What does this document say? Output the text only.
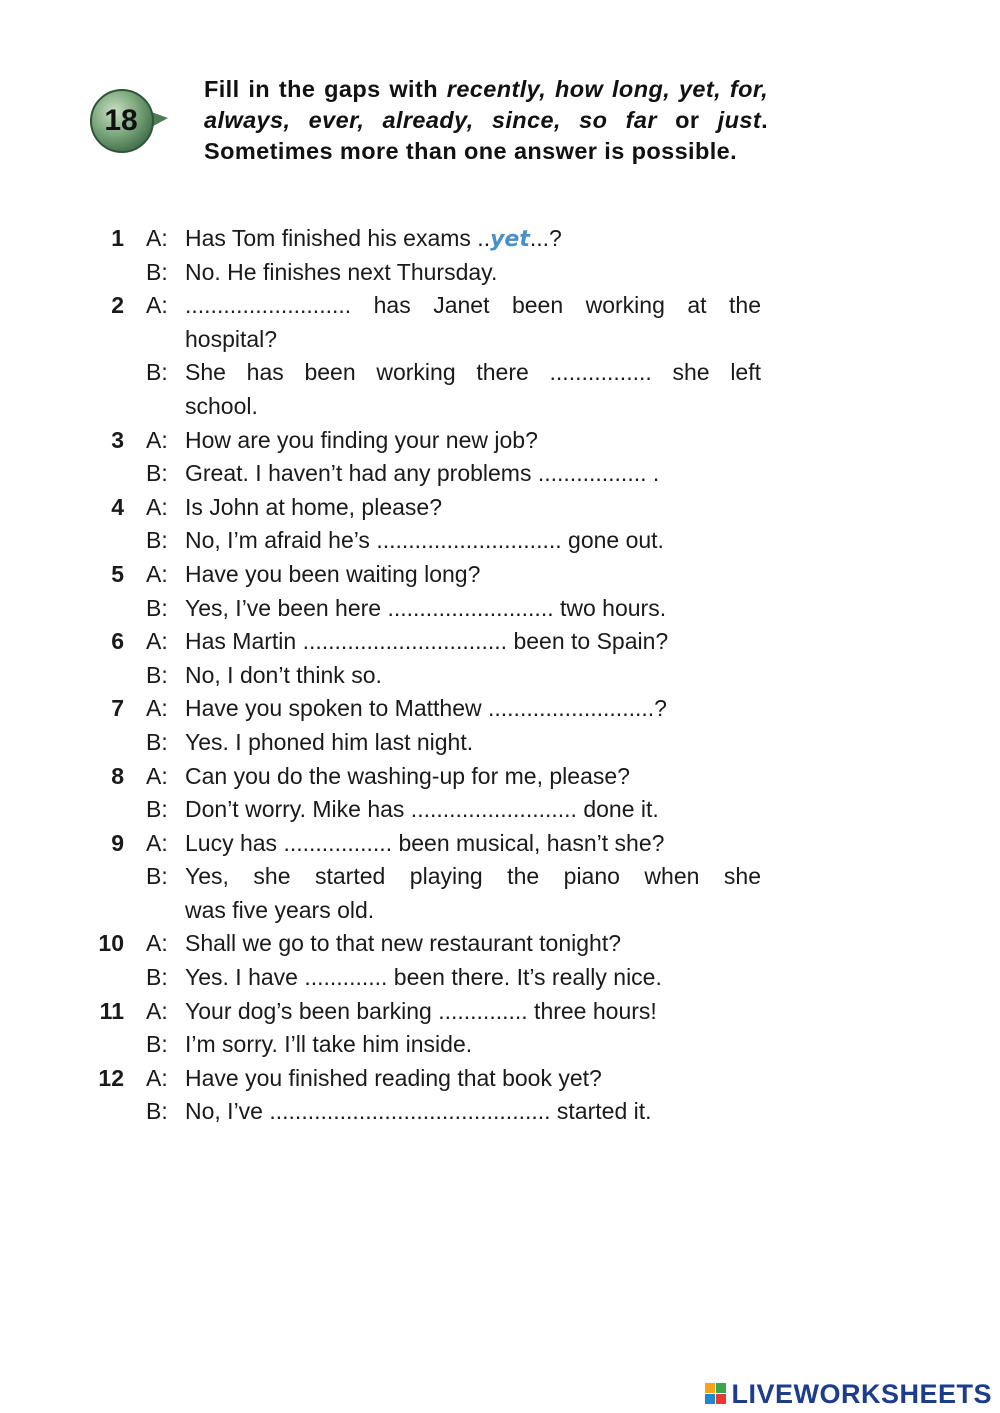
18
Fill in the gaps with recently, how long, yet, for, always, ever, already, since, so far or just. Sometimes more than one answer is possible.
1 A: Has Tom finished his exams ..yet...?
B: No. He finishes next Thursday.
2 A: .......................... has Janet been working at the
hospital?
B: She has been working there ................ she left
school.
3 A: How are you finding your new job?
B: Great. I haven’t had any problems ................. .
4 A: Is John at home, please?
B: No, I’m afraid he’s ............................. gone out.
5 A: Have you been waiting long?
B: Yes, I’ve been here .......................... two hours.
6 A: Has Martin ................................ been to Spain?
B: No, I don’t think so.
7 A: Have you spoken to Matthew ..........................?
B: Yes. I phoned him last night.
8 A: Can you do the washing-up for me, please?
B: Don’t worry. Mike has .......................... done it.
9 A: Lucy has ................. been musical, hasn’t she?
B: Yes, she started playing the piano when she
was five years old.
10 A: Shall we go to that new restaurant tonight?
B: Yes. I have ............. been there. It’s really nice.
11 A: Your dog’s been barking .............. three hours!
B: I’m sorry. I’ll take him inside.
12 A: Have you finished reading that book yet?
B: No, I’ve ............................................ started it.
LIVEWORKSHEETS
